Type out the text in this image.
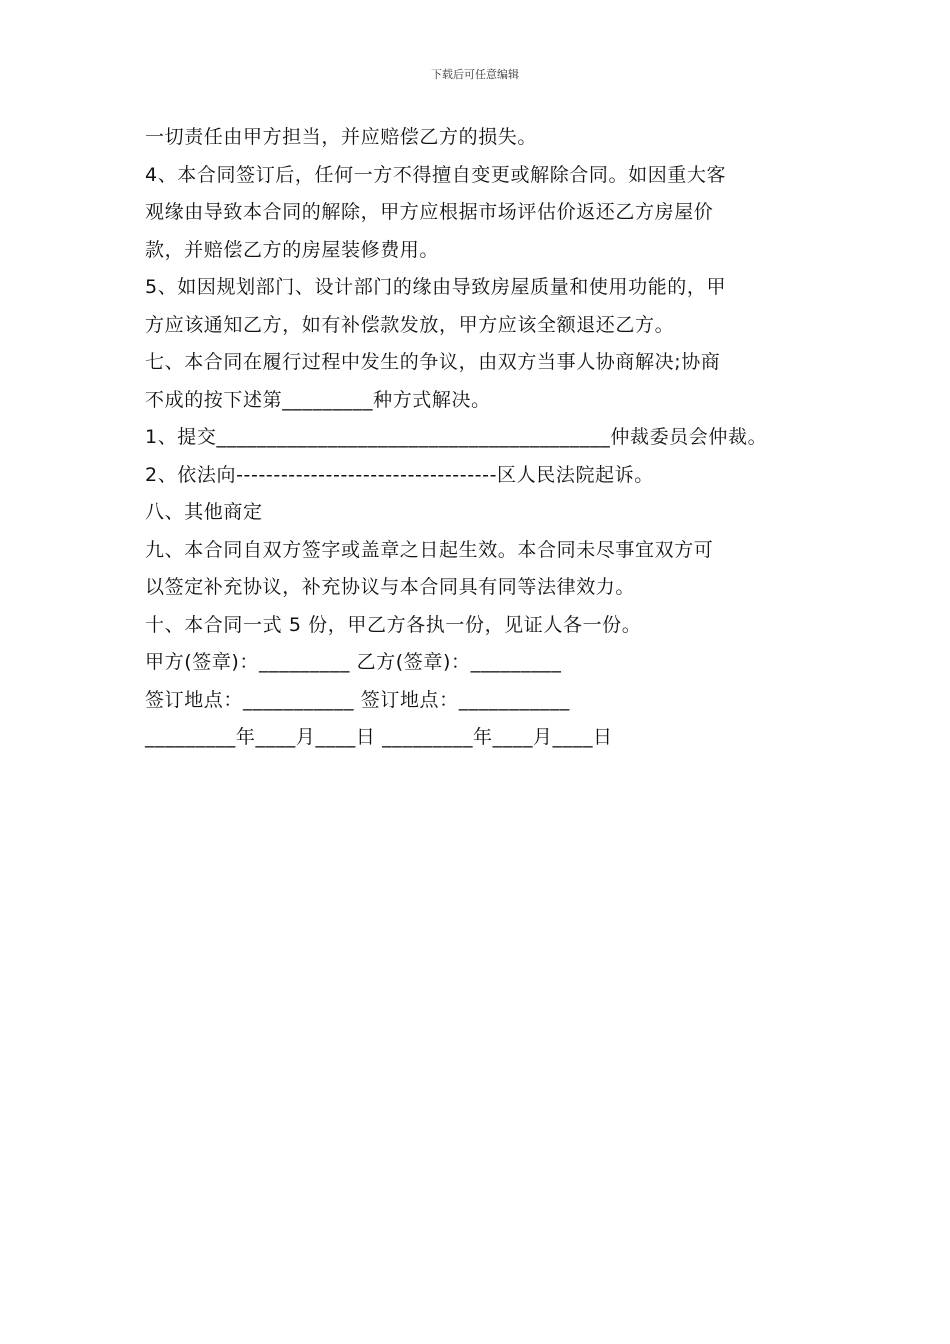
下载后可任意编辑
一切责任由甲方担当，并应赔偿乙方的损失。
4、本合同签订后，任何一方不得擅自变更或解除合同。如因重大客
观缘由导致本合同的解除，甲方应根据市场评估价返还乙方房屋价
款，并赔偿乙方的房屋装修费用。
5、如因规划部门、设计部门的缘由导致房屋质量和使用功能的，甲
方应该通知乙方，如有补偿款发放，甲方应该全额退还乙方。
七、本合同在履行过程中发生的争议，由双方当事人协商解决;协商
不成的按下述第_________种方式解决。
1、提交_______________________________________仲裁委员会仲裁。
2、依法向-----------------------------------区人民法院起诉。
八、其他商定
九、本合同自双方签字或盖章之日起生效。本合同未尽事宜双方可
以签定补充协议，补充协议与本合同具有同等法律效力。
十、本合同一式 5 份，甲乙方各执一份，见证人各一份。
甲方(签章)：_________ 乙方(签章)：_________
签订地点：___________ 签订地点：___________
_________年____月____日 _________年____月____日
